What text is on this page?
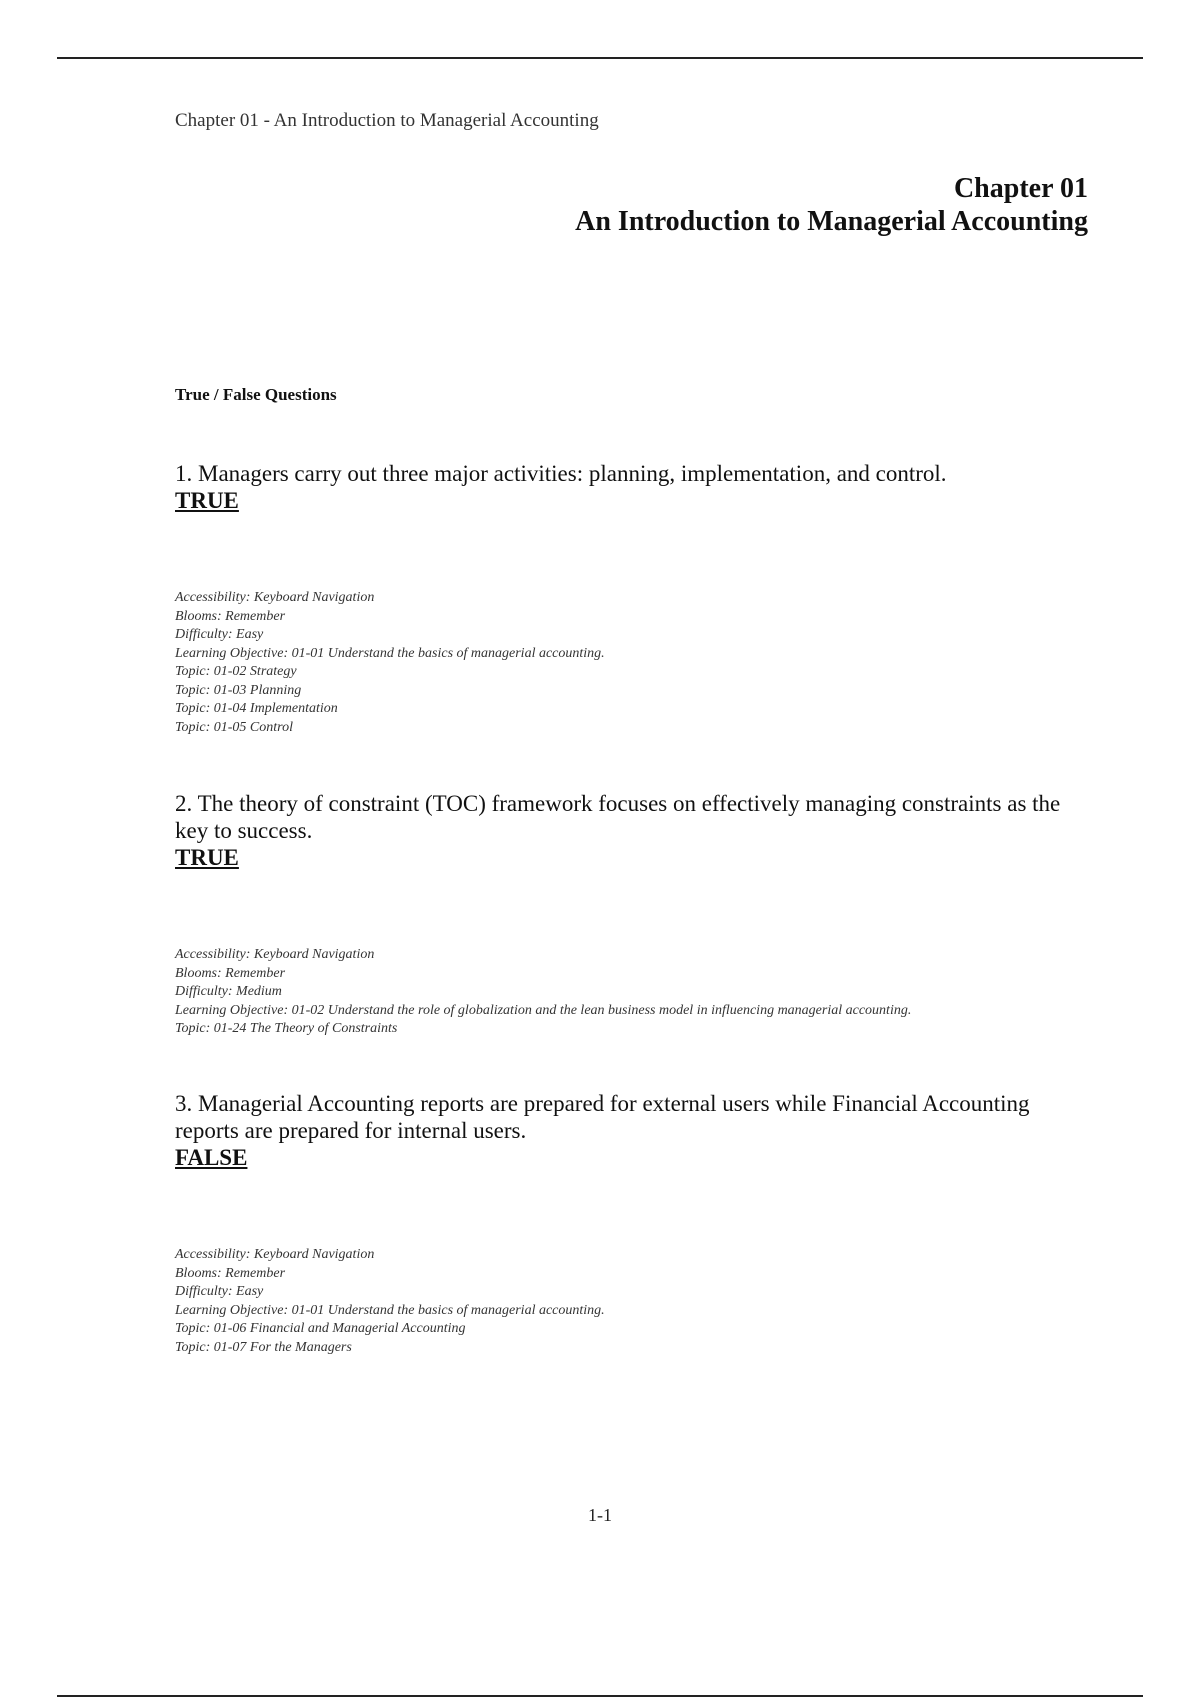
Chapter 01 - An Introduction to Managerial Accounting
Chapter 01
An Introduction to Managerial Accounting
True / False Questions
1. Managers carry out three major activities: planning, implementation, and control.
TRUE
Accessibility: Keyboard Navigation
Blooms: Remember
Difficulty: Easy
Learning Objective: 01-01 Understand the basics of managerial accounting.
Topic: 01-02 Strategy
Topic: 01-03 Planning
Topic: 01-04 Implementation
Topic: 01-05 Control
2. The theory of constraint (TOC) framework focuses on effectively managing constraints as the key to success.
TRUE
Accessibility: Keyboard Navigation
Blooms: Remember
Difficulty: Medium
Learning Objective: 01-02 Understand the role of globalization and the lean business model in influencing managerial accounting.
Topic: 01-24 The Theory of Constraints
3. Managerial Accounting reports are prepared for external users while Financial Accounting reports are prepared for internal users.
FALSE
Accessibility: Keyboard Navigation
Blooms: Remember
Difficulty: Easy
Learning Objective: 01-01 Understand the basics of managerial accounting.
Topic: 01-06 Financial and Managerial Accounting
Topic: 01-07 For the Managers
1-1
